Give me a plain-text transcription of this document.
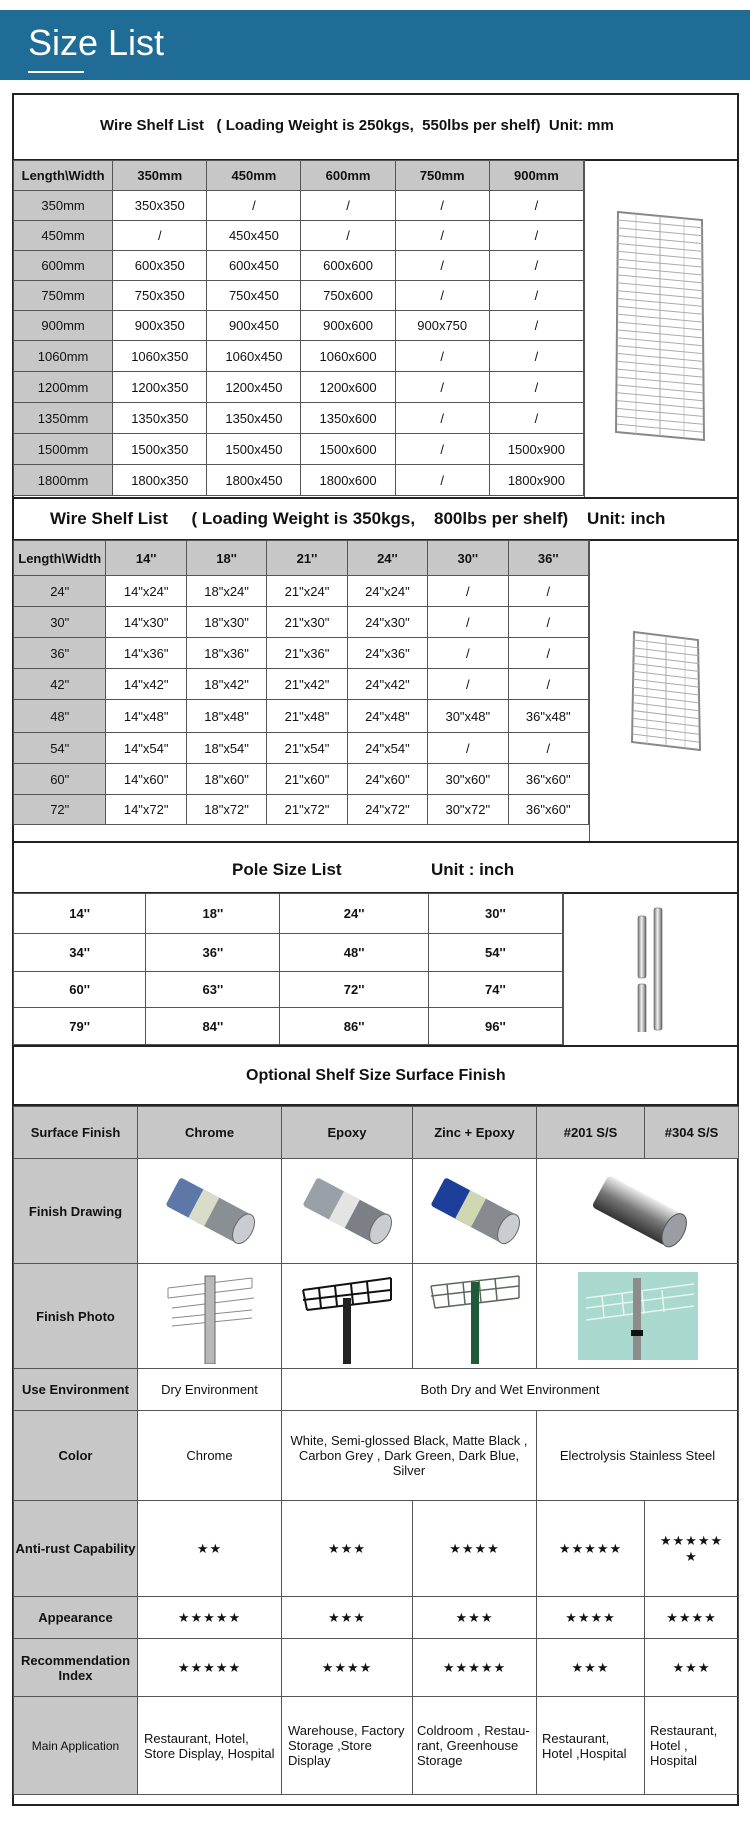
Size List
Wire Shelf List   ( Loading Weight is 250kgs,  550lbs per shelf)  Unit: mm
Length\Width	350mm	450mm	600mm	750mm	900mm
350mm	350x350	/	/	/	/
450mm	/	450x450	/	/	/
600mm	600x350	600x450	600x600	/	/
750mm	750x350	750x450	750x600	/	/
900mm	900x350	900x450	900x600	900x750	/
1060mm	1060x350	1060x450	1060x600	/	/
1200mm	1200x350	1200x450	1200x600	/	/
1350mm	1350x350	1350x450	1350x600	/	/
1500mm	1500x350	1500x450	1500x600	/	1500x900
1800mm	1800x350	1800x450	1800x600	/	1800x900
Wire Shelf List     ( Loading Weight is 350kgs,    800lbs per shelf)    Unit: inch
Length\Width	14''	18''	21''	24''	30''	36''
24"	14"x24"	18"x24"	21"x24"	24"x24"	/	/
30"	14"x30"	18"x30"	21"x30"	24"x30"	/	/
36"	14"x36"	18"x36"	21"x36"	24"x36"	/	/
42"	14"x42"	18"x42"	21"x42"	24"x42"	/	/
48"	14"x48"	18"x48"	21"x48"	24"x48"	30"x48"	36"x48"
54"	14"x54"	18"x54"	21"x54"	24"x54"	/	/
60"	14"x60"	18"x60"	21"x60"	24"x60"	30"x60"	36"x60"
72"	14"x72"	18"x72"	21"x72"	24"x72"	30"x72"	36"x60"
Pole Size List	Unit : inch
14''	18''	24''	30''
34''	36''	48''	54''
60''	63''	72''	74''
79''	84''	86''	96''
Optional Shelf Size Surface Finish
Surface Finish	Chrome	Epoxy	Zinc + Epoxy	#201 S/S	#304 S/S
Finish Drawing	

Finish Photo	

Use Environment	Dry Environment	Both Dry and Wet Environment			
Color	Chrome	White, Semi-glossed Black, Matte Black , Carbon Grey , Dark Green, Dark Blue, Silver		Electrolysis Stainless Steel	
Anti-rust Capability	★★	★★★	★★★★	★★★★★	★★★★★ ★
Appearance	★★★★★	★★★	★★★	★★★★	★★★★
Recommendation Index	★★★★★	★★★★	★★★★★	★★★	★★★
Main Application	Restaurant, Hotel, Store Display, Hospital	Warehouse, Factory Storage ,Store Display	Coldroom , Restau-rant, Greenhouse Storage	Restaurant, Hotel ,Hospital	Restaurant, Hotel , Hospital
